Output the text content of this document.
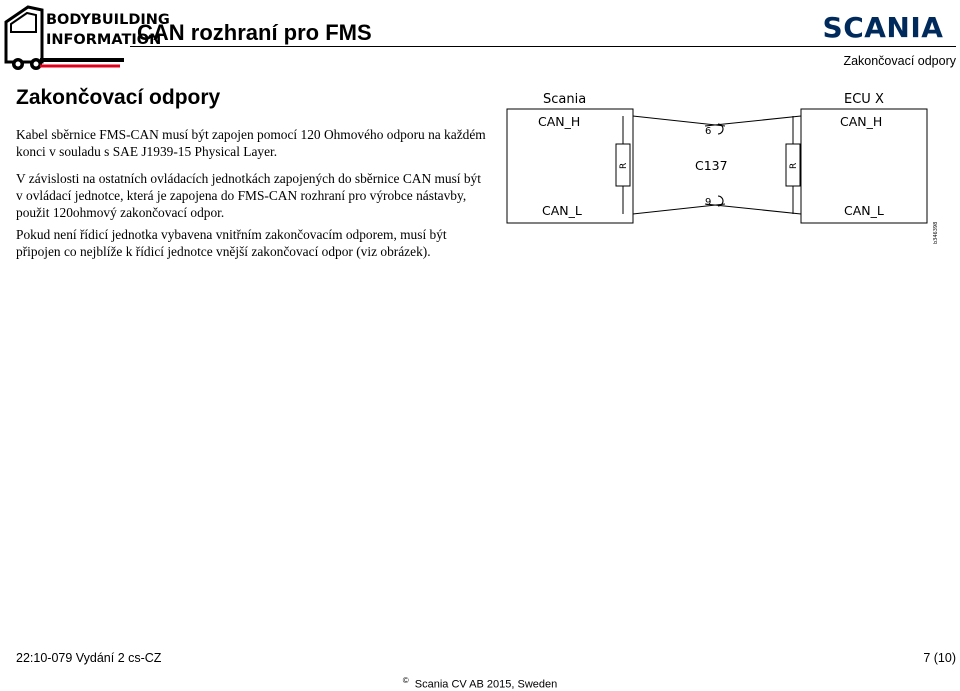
BODYBUILDING
INFORMATION
CAN rozhraní pro FMS	SCANIA
Zakončovací odpory
Zakončovací odpory
Kabel sběrnice FMS-CAN musí být zapojen pomocí 120 Ohmového odporu na každém konci v souladu s SAE J1939-15 Physical Layer.
V závislosti na ostatních ovládacích jednotkách zapojených do sběrnice CAN musí být v ovládací jednotce, která je zapojena do FMS-CAN rozhraní pro výrobce nástavby, použit 120ohmový zakončovací odpor.
Pokud není řídicí jednotka vybavena vnitřním zakončovacím odporem, musí být připojen co nejblíže k řídicí jednotce vnější zakončovací odpor (viz obrázek).
Scania	ECU X
CAN_H
CAN_L
CAN_H
CAN_L
C137
6
9
R	R
b346398
22:10-079 Vydání 2 cs-CZ	7 (10)
© Scania CV AB 2015, Sweden
